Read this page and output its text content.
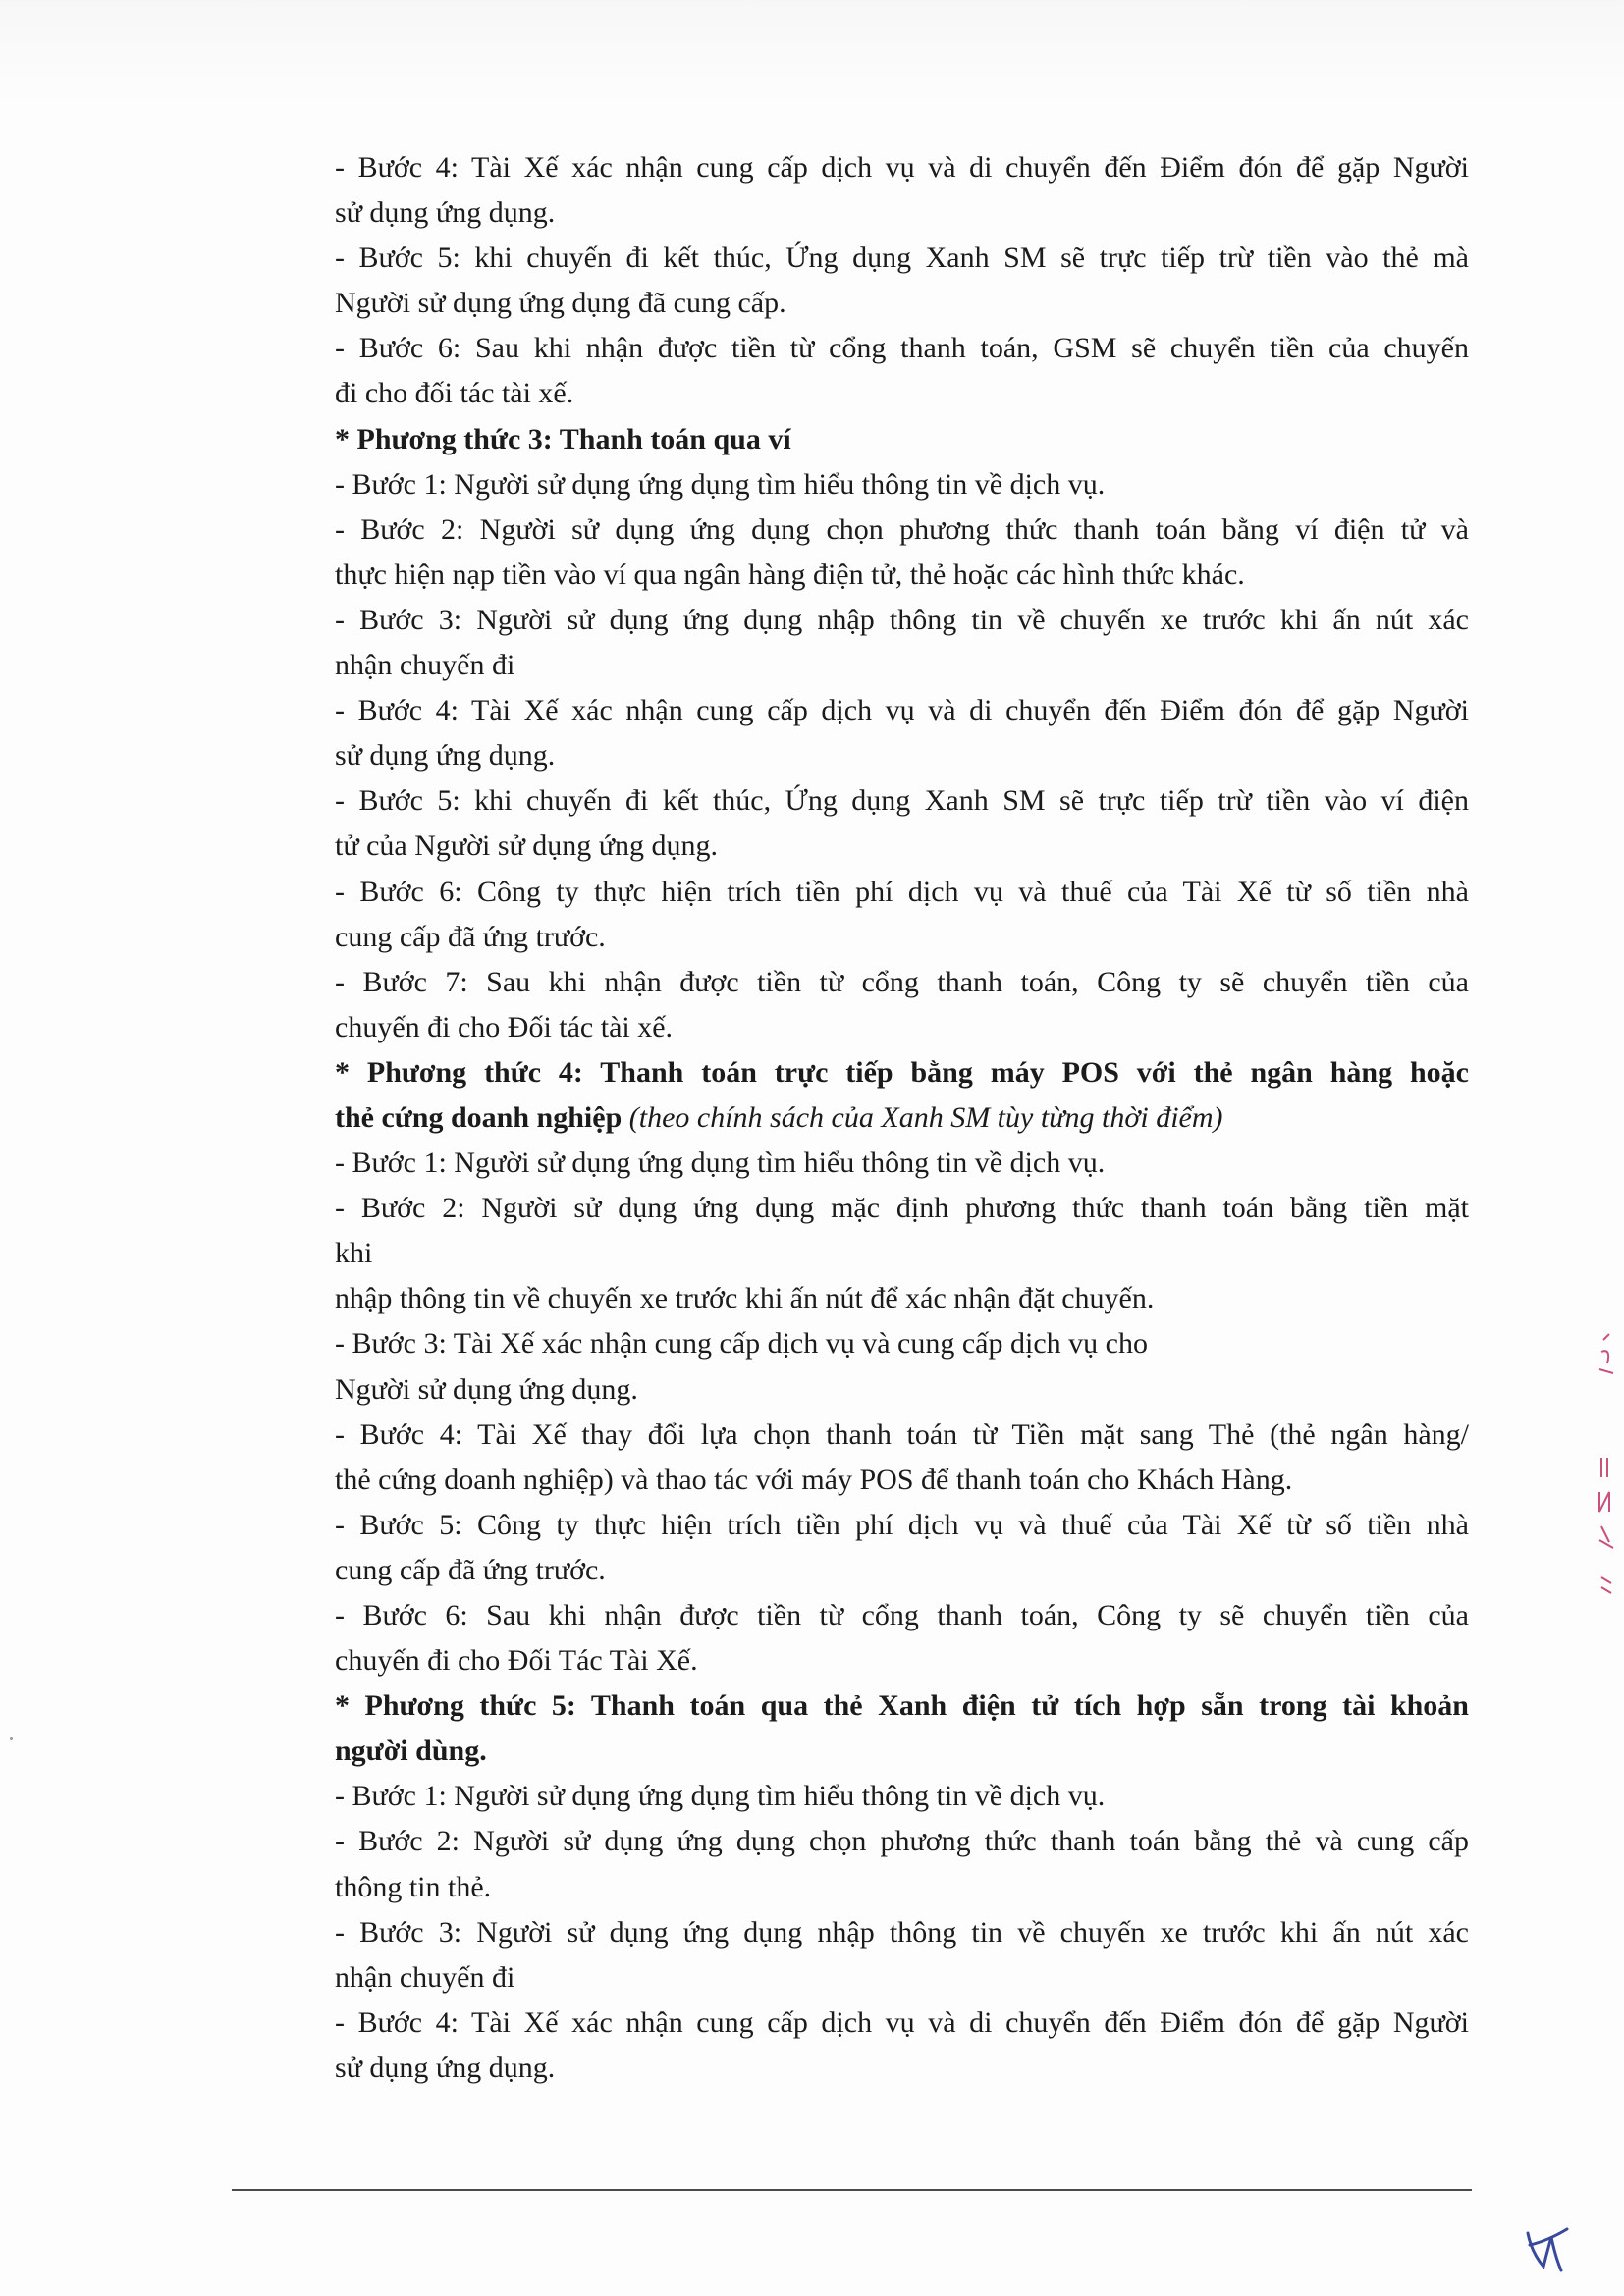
- Bước 4: Tài Xế xác nhận cung cấp dịch vụ và di chuyển đến Điểm đón để gặp Người
sử dụng ứng dụng.
- Bước 5: khi chuyến đi kết thúc, Ứng dụng Xanh SM sẽ trực tiếp trừ tiền vào thẻ mà
Người sử dụng ứng dụng đã cung cấp.
- Bước 6: Sau khi nhận được tiền từ cổng thanh toán, GSM sẽ chuyển tiền của chuyến
đi cho đối tác tài xế.
* Phương thức 3: Thanh toán qua ví
- Bước 1: Người sử dụng ứng dụng tìm hiểu thông tin về dịch vụ.
- Bước 2: Người sử dụng ứng dụng chọn phương thức thanh toán bằng ví điện tử và
thực hiện nạp tiền vào ví qua ngân hàng điện tử, thẻ hoặc các hình thức khác.
- Bước 3: Người sử dụng ứng dụng nhập thông tin về chuyến xe trước khi ấn nút xác
nhận chuyến đi
- Bước 4: Tài Xế xác nhận cung cấp dịch vụ và di chuyển đến Điểm đón để gặp Người
sử dụng ứng dụng.
- Bước 5: khi chuyến đi kết thúc, Ứng dụng Xanh SM sẽ trực tiếp trừ tiền vào ví điện
tử của Người sử dụng ứng dụng.
- Bước 6: Công ty thực hiện trích tiền phí dịch vụ và thuế của Tài Xế từ số tiền nhà
cung cấp đã ứng trước.
- Bước 7: Sau khi nhận được tiền từ cổng thanh toán, Công ty sẽ chuyển tiền của
chuyến đi cho Đối tác tài xế.
* Phương thức 4: Thanh toán trực tiếp bằng máy POS với thẻ ngân hàng hoặc
thẻ cứng doanh nghiệp (theo chính sách của Xanh SM tùy từng thời điểm)
- Bước 1: Người sử dụng ứng dụng tìm hiểu thông tin về dịch vụ.
- Bước 2: Người sử dụng ứng dụng mặc định phương thức thanh toán bằng tiền mặt
khi
nhập thông tin về chuyến xe trước khi ấn nút để xác nhận đặt chuyến.
- Bước 3: Tài Xế xác nhận cung cấp dịch vụ và cung cấp dịch vụ cho
Người sử dụng ứng dụng.
- Bước 4: Tài Xế thay đổi lựa chọn thanh toán từ Tiền mặt sang Thẻ (thẻ ngân hàng/
thẻ cứng doanh nghiệp) và thao tác với máy POS để thanh toán cho Khách Hàng.
- Bước 5: Công ty thực hiện trích tiền phí dịch vụ và thuế của Tài Xế từ số tiền nhà
cung cấp đã ứng trước.
- Bước 6: Sau khi nhận được tiền từ cổng thanh toán, Công ty sẽ chuyển tiền của
chuyến đi cho Đối Tác Tài Xế.
* Phương thức 5: Thanh toán qua thẻ Xanh điện tử tích hợp sẵn trong tài khoản
người dùng.
- Bước 1: Người sử dụng ứng dụng tìm hiểu thông tin về dịch vụ.
- Bước 2: Người sử dụng ứng dụng chọn phương thức thanh toán bằng thẻ và cung cấp
thông tin thẻ.
- Bước 3: Người sử dụng ứng dụng nhập thông tin về chuyến xe trước khi ấn nút xác
nhận chuyến đi
- Bước 4: Tài Xế xác nhận cung cấp dịch vụ và di chuyển đến Điểm đón để gặp Người
sử dụng ứng dụng.
